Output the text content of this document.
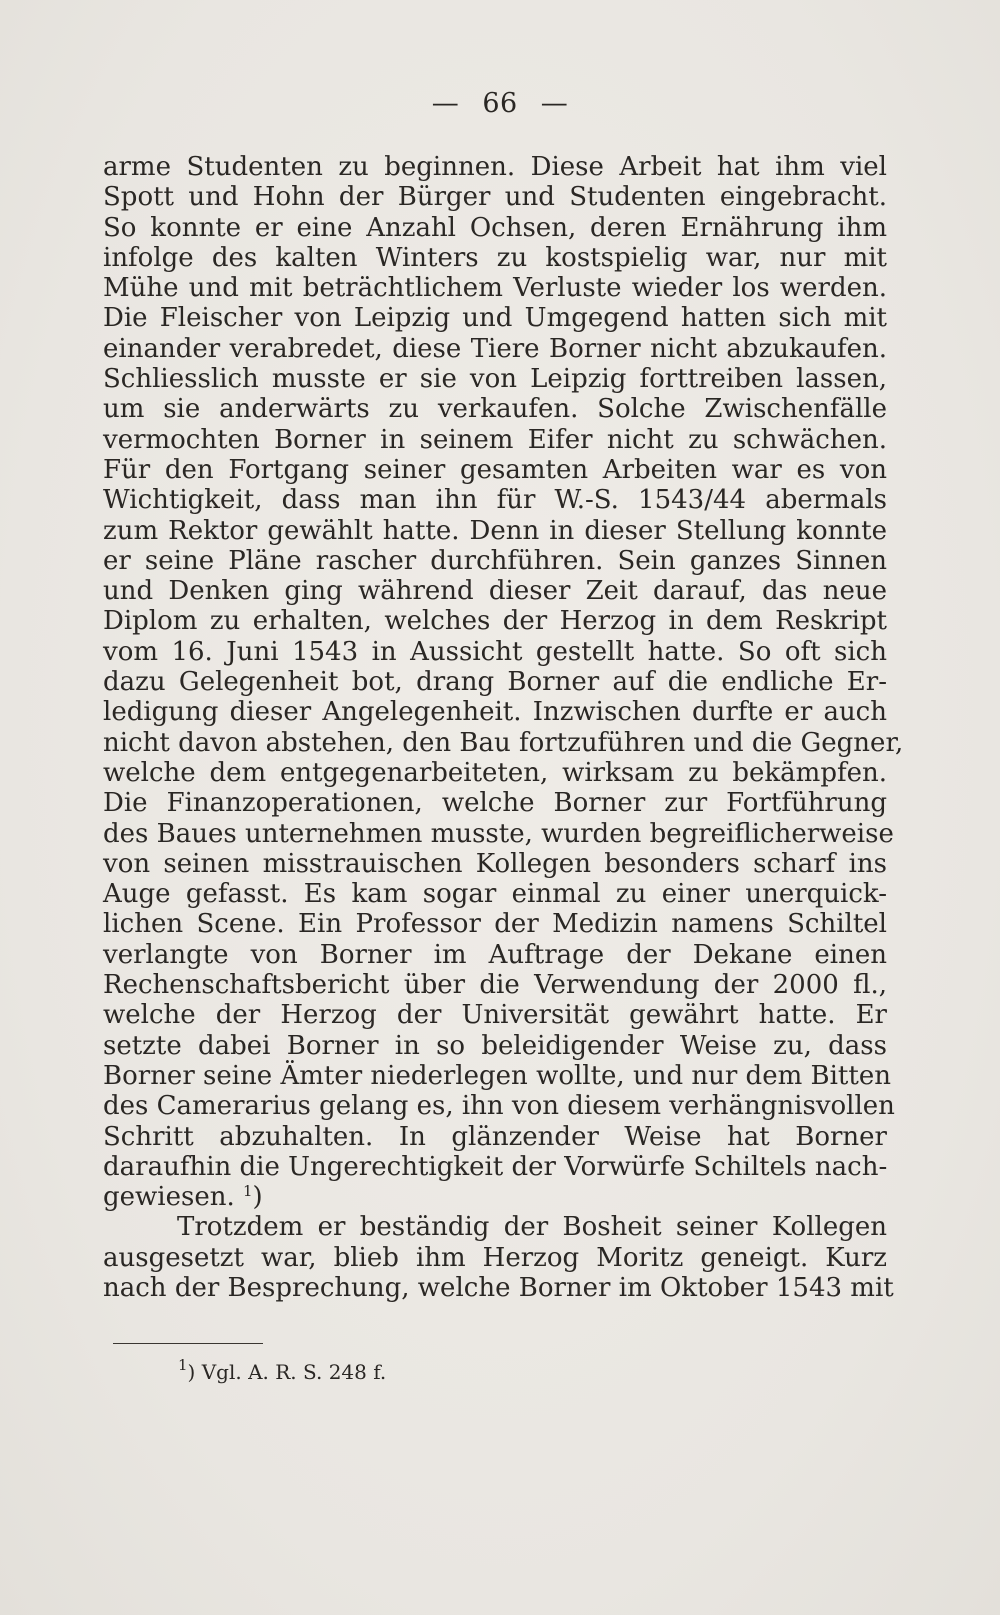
— 66 —
arme Studenten zu beginnen. Diese Arbeit hat ihm viel
Spott und Hohn der Bürger und Studenten eingebracht.
So konnte er eine Anzahl Ochsen, deren Ernährung ihm
infolge des kalten Winters zu kostspielig war, nur mit
Mühe und mit beträchtlichem Verluste wieder los werden.
Die Fleischer von Leipzig und Umgegend hatten sich mit
einander verabredet, diese Tiere Borner nicht abzukaufen.
Schliesslich musste er sie von Leipzig forttreiben lassen,
um sie anderwärts zu verkaufen. Solche Zwischenfälle
vermochten Borner in seinem Eifer nicht zu schwächen.
Für den Fortgang seiner gesamten Arbeiten war es von
Wichtigkeit, dass man ihn für W.-S. 1543/44 abermals
zum Rektor gewählt hatte. Denn in dieser Stellung konnte
er seine Pläne rascher durchführen. Sein ganzes Sinnen
und Denken ging während dieser Zeit darauf, das neue
Diplom zu erhalten, welches der Herzog in dem Reskript
vom 16. Juni 1543 in Aussicht gestellt hatte. So oft sich
dazu Gelegenheit bot, drang Borner auf die endliche Er-
ledigung dieser Angelegenheit. Inzwischen durfte er auch
nicht davon abstehen, den Bau fortzuführen und die Gegner,
welche dem entgegenarbeiteten, wirksam zu bekämpfen.
Die Finanzoperationen, welche Borner zur Fortführung
des Baues unternehmen musste, wurden begreiflicherweise
von seinen misstrauischen Kollegen besonders scharf ins
Auge gefasst. Es kam sogar einmal zu einer unerquick-
lichen Scene. Ein Professor der Medizin namens Schiltel
verlangte von Borner im Auftrage der Dekane einen
Rechenschaftsbericht über die Verwendung der 2000 fl.,
welche der Herzog der Universität gewährt hatte. Er
setzte dabei Borner in so beleidigender Weise zu, dass
Borner seine Ämter niederlegen wollte, und nur dem Bitten
des Camerarius gelang es, ihn von diesem verhängnisvollen
Schritt abzuhalten. In glänzender Weise hat Borner
daraufhin die Ungerechtigkeit der Vorwürfe Schiltels nach-
gewiesen. $^1$)
Trotzdem er beständig der Bosheit seiner Kollegen
ausgesetzt war, blieb ihm Herzog Moritz geneigt. Kurz
nach der Besprechung, welche Borner im Oktober 1543 mit
$^1$) Vgl. A. R. S. 248 f.
